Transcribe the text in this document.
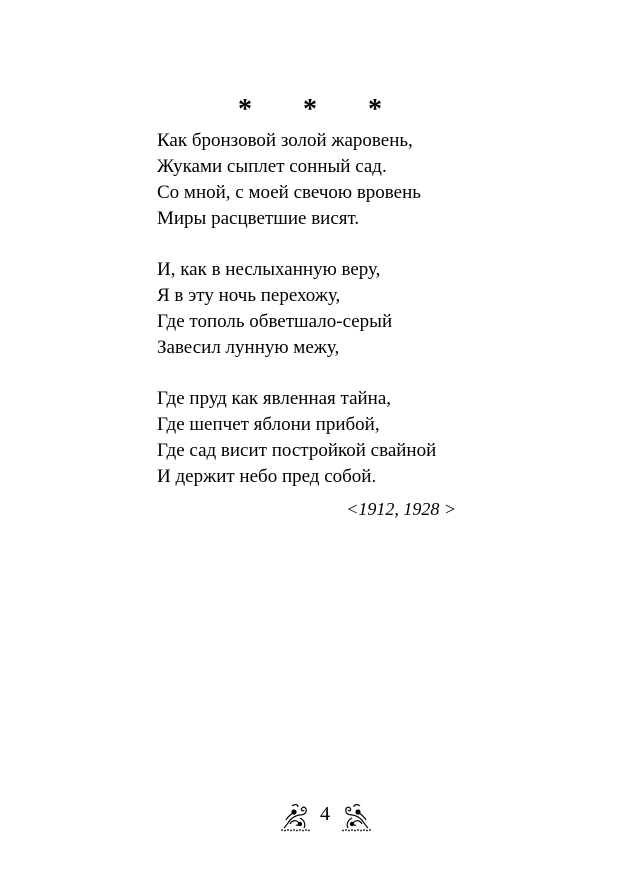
* * *
Как бронзовой золой жаровень,
Жуками сыплет сонный сад.
Со мной, с моей свечою вровень
Миры расцветшие висят.
И, как в неслыханную веру,
Я в эту ночь перехожу,
Где тополь обветшало-серый
Завесил лунную межу,
Где пруд как явленная тайна,
Где шепчет яблони прибой,
Где сад висит постройкой свайной
И держит небо пред собой.
<1912, 1928 >
4
